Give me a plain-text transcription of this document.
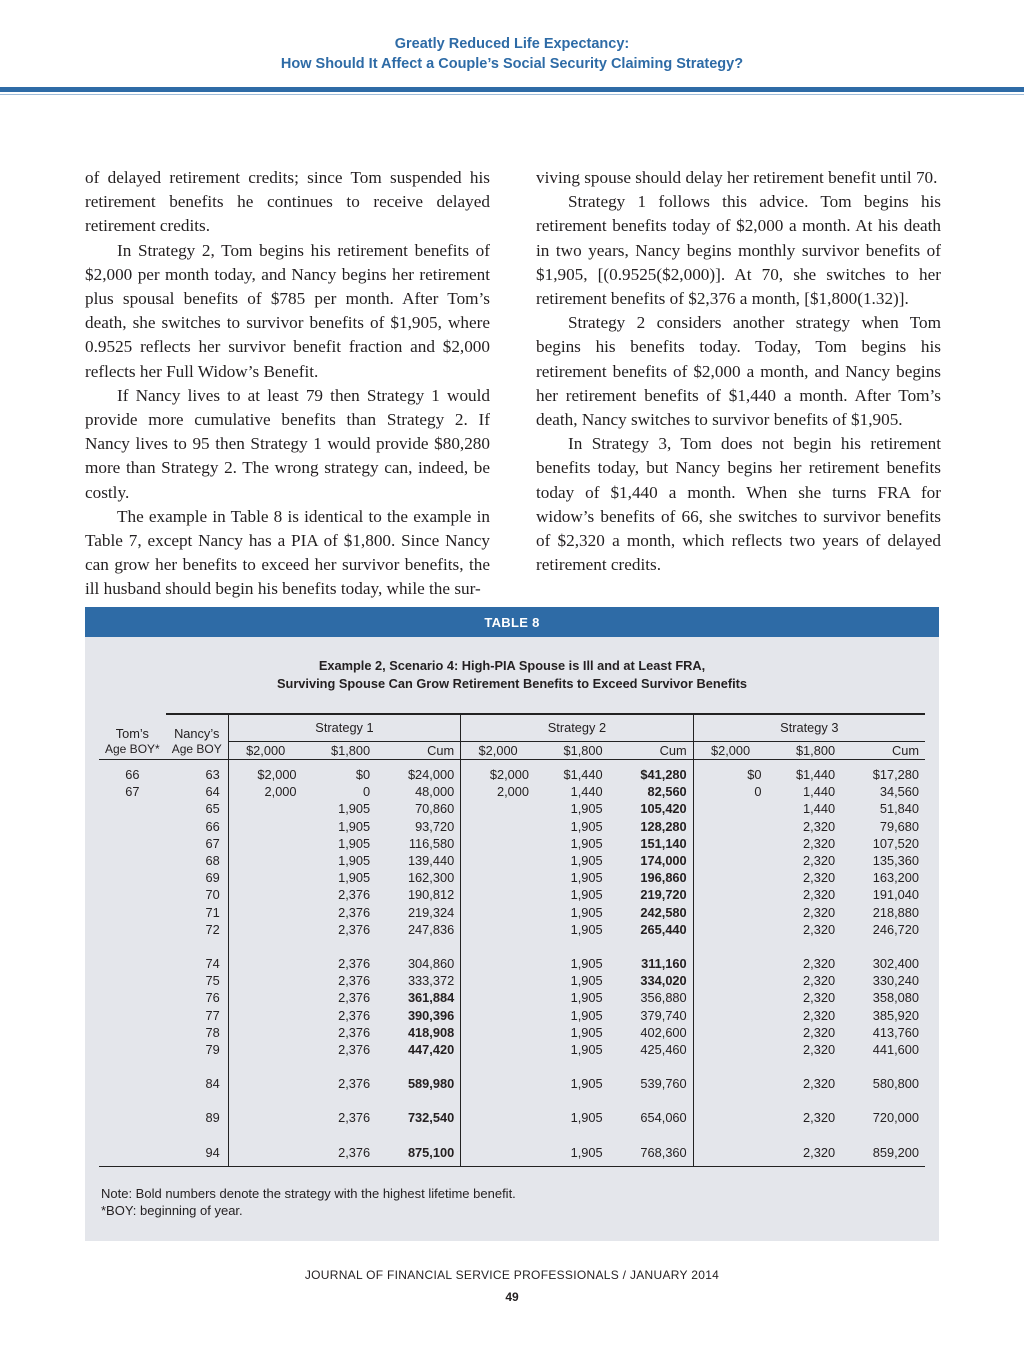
Greatly Reduced Life Expectancy:
How Should It Affect a Couple’s Social Security Claiming Strategy?

of delayed retirement credits; since Tom suspended his retirement benefits he continues to receive delayed retirement credits.

In Strategy 2, Tom begins his retirement benefits of $2,000 per month today, and Nancy begins her retirement plus spousal benefits of $785 per month. After Tom’s death, she switches to survivor benefits of $1,905, where 0.9525 reflects her survivor benefit fraction and $2,000 reflects her Full Widow’s Benefit.

If Nancy lives to at least 79 then Strategy 1 would provide more cumulative benefits than Strategy 2. If Nancy lives to 95 then Strategy 1 would provide $80,280 more than Strategy 2. The wrong strategy can, indeed, be costly.

The example in Table 8 is identical to the example in Table 7, except Nancy has a PIA of $1,800. Since Nancy can grow her benefits to exceed her survivor benefits, the ill husband should begin his benefits today, while the sur-

viving spouse should delay her retirement benefit until 70.

Strategy 1 follows this advice. Tom begins his retirement benefits today of $2,000 a month. At his death in two years, Nancy begins monthly survivor benefits of $1,905, [(0.9525($2,000)]. At 70, she switches to her retirement benefits of $2,376 a month, [$1,800(1.32)].

Strategy 2 considers another strategy when Tom begins his benefits today. Today, Tom begins his retirement benefits of $2,000 a month, and Nancy begins her retirement benefits of $1,440 a month. After Tom’s death, Nancy switches to survivor benefits of $1,905.

In Strategy 3, Tom does not begin his retirement benefits today, but Nancy begins her retirement benefits today of $1,440 a month. When she turns FRA for widow’s benefits of 66, she switches to survivor benefits of $2,320 a month, which reflects two years of delayed retirement credits.

TABLE 8
Example 2, Scenario 4: High-PIA Spouse is Ill and at Least FRA,
Surviving Spouse Can Grow Retirement Benefits to Exceed Survivor Benefits
Tom’s	Nancy’s	Strategy 1			Strategy 2			Strategy 3		
Age BOY*	Age BOY	$2,000	$1,800	Cum	$2,000	$1,800	Cum	$2,000	$1,800	Cum
66	63	$2,000	$0	$24,000	$2,000	$1,440	$41,280	$0	$1,440	$17,280
67	64	2,000	0	48,000	2,000	1,440	82,560	0	1,440	34,560
	65		1,905	70,860		1,905	105,420		1,440	51,840
	66		1,905	93,720		1,905	128,280		2,320	79,680
	67		1,905	116,580		1,905	151,140		2,320	107,520
	68		1,905	139,440		1,905	174,000		2,320	135,360
	69		1,905	162,300		1,905	196,860		2,320	163,200
	70		2,376	190,812		1,905	219,720		2,320	191,040
	71		2,376	219,324		1,905	242,580		2,320	218,880
	72		2,376	247,836		1,905	265,440		2,320	246,720

	74		2,376	304,860		1,905	311,160		2,320	302,400
	75		2,376	333,372		1,905	334,020		2,320	330,240
	76		2,376	361,884		1,905	356,880		2,320	358,080
	77		2,376	390,396		1,905	379,740		2,320	385,920
	78		2,376	418,908		1,905	402,600		2,320	413,760
	79		2,376	447,420		1,905	425,460		2,320	441,600

	84		2,376	589,980		1,905	539,760		2,320	580,800

	89		2,376	732,540		1,905	654,060		2,320	720,000

	94		2,376	875,100		1,905	768,360		2,320	859,200
Note: Bold numbers denote the strategy with the highest lifetime benefit.
*BOY: beginning of year.
JOURNAL OF FINANCIAL SERVICE PROFESSIONALS / JANUARY 2014
49
